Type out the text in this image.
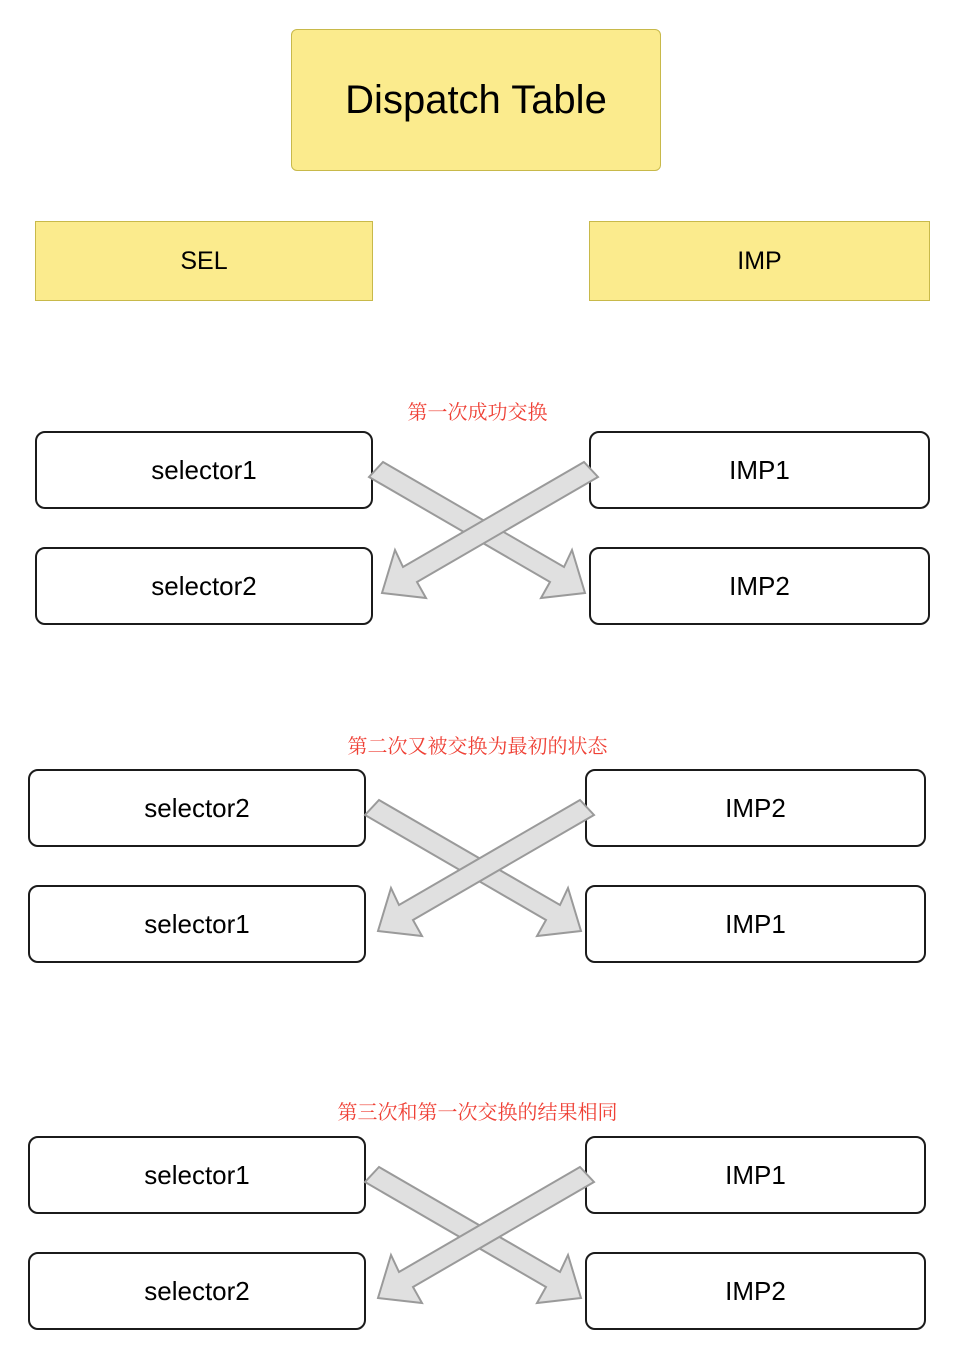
Dispatch Table
SEL	IMP
第一次成功交换
selector1
selector2
IMP1
IMP2
第二次又被交换为最初的状态
selector2
selector1
IMP2
IMP1
第三次和第一次交换的结果相同
selector1
selector2
IMP1
IMP2
